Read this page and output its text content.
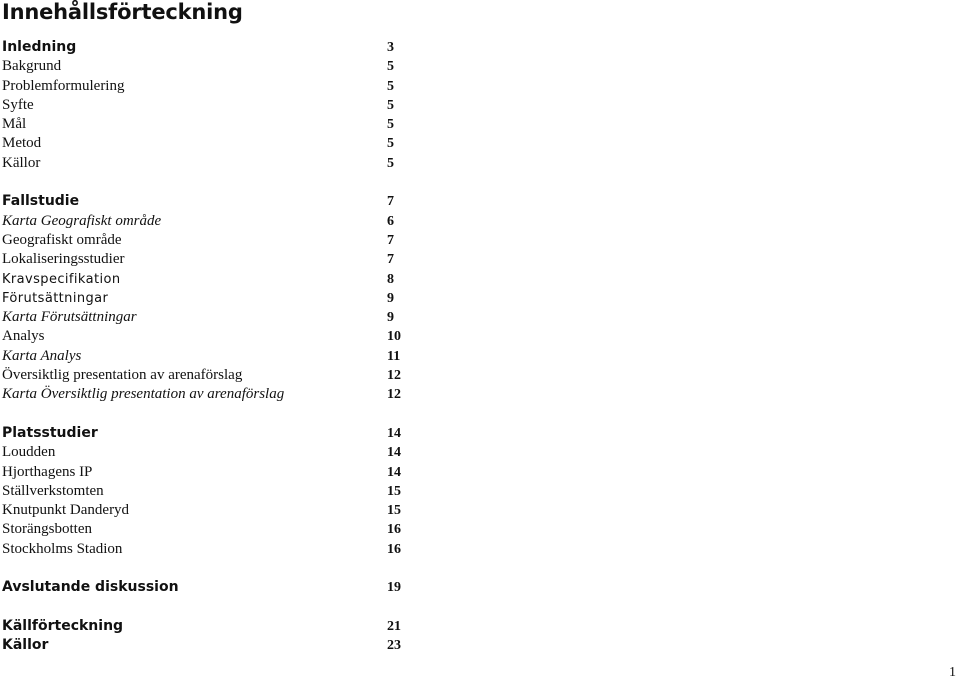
Innehållsförteckning
Inledning	3
Bakgrund	5
Problemformulering	5
Syfte	5
Mål	5
Metod	5
Källor	5
Fallstudie	7
Karta Geografiskt område	6
Geografiskt område	7
Lokaliseringsstudier	7
Kravspecifikation	8
Förutsättningar	9
Karta Förutsättningar	9
Analys	10
Karta Analys	11
Översiktlig presentation av arenaförslag	12
Karta Översiktlig presentation av arenaförslag	12
Platsstudier	14
Loudden	14
Hjorthagens IP	14
Ställverkstomten	15
Knutpunkt Danderyd	15
Storängsbotten	16
Stockholms Stadion	16
Avslutande diskussion	19
Källförteckning	21
Källor	23
1
